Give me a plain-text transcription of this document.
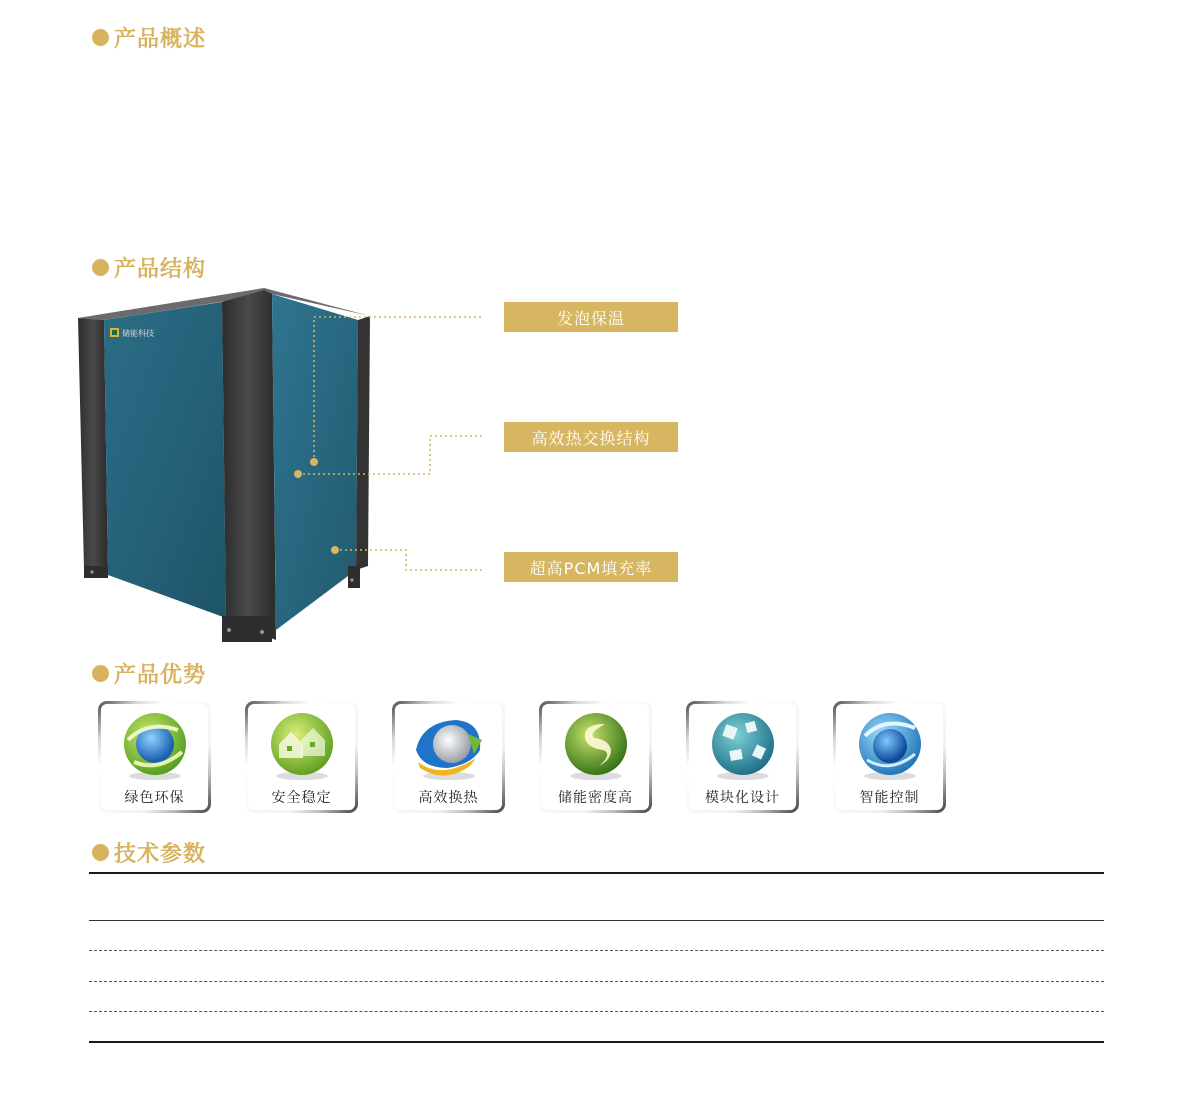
产品概述
产品结构
储能科技
发泡保温
高效热交换结构
超高PCM填充率
产品优势
绿色环保	安全稳定	高效换热	储能密度高	模块化设计	智能控制
技术参数
